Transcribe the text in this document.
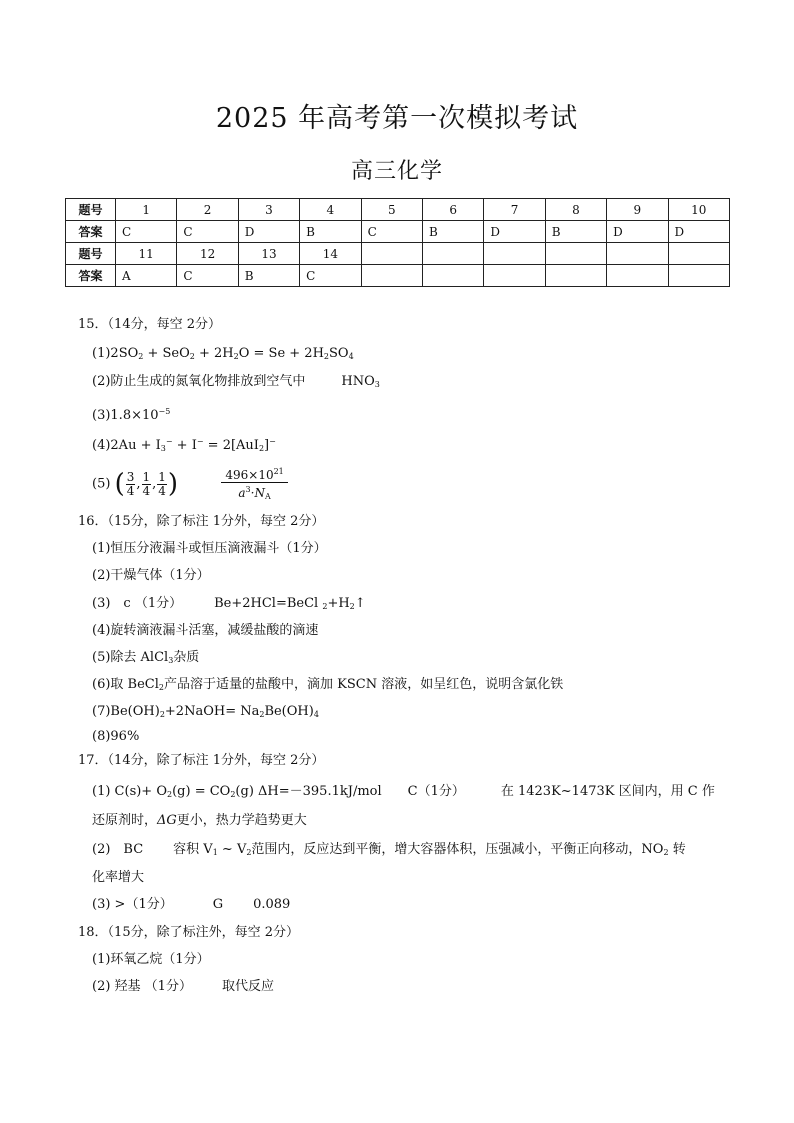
2025 年高考第一次模拟考试
高三化学
题号	1	2	3	4	5	6	7	8	9	10
答案	C	C	D	B	C	B	D	B	D	D
题号	11	12	13	14						
答案	A	C	B	C						
15．（14分，每空 2分）
$(1)2SO_2 + SeO_2 + 2H_2O = Se + 2H_2SO_4$
(2)防止生成的氮氧化物排放到空气中	$HNO_3$
$(3)1.8\times 10^{-5}$
$(4)2Au + I_3^- + I^- = 2[AuI_2]^-$
(5) ( $\frac{3}{4}$ , $\frac{1}{4}$ , $\frac{1}{4}$ )	$\frac{496\times 10^{21}}{a^3\cdot N_A}$
16．（15分，除了标注 1分外，每空 2分）
(1)恒压分液漏斗或恒压滴液漏斗（1分）
(2)干燥气体（1分）
(3)　c （1分） Be+2HCl=BeCl $_2+H_2↑$
(4)旋转滴液漏斗活塞，减缓盐酸的滴速
(5)除去 AlCl$_3$杂质
(6)取 BeCl$_2$产品溶于适量的盐酸中，滴加 KSCN 溶液，如呈红色，说明含氯化铁
$(7)Be(OH)_2+2NaOH= Na_2Be(OH)_4$
(8)96%
17．（14分，除了标注 1分外，每空 2分）
(1) $C(s)+ O_2(g) = CO_2(g)$ ΔH=－395.1kJ/mol C（1分）	在 1423K~1473K 区间内，用 C 作
还原剂时，ΔG更小，热力学趋势更大
(2)　BC 容积 $V_1$ ~ $V_2$范围内，反应达到平衡，增大容器体积，压强减小，平衡正向移动，$NO_2$ 转
化率增大
(3) >（1分）	G 0.089
18．（15分，除了标注外，每空 2分）
(1)环氧乙烷（1分）
(2) 羟基 （1分） 取代反应
